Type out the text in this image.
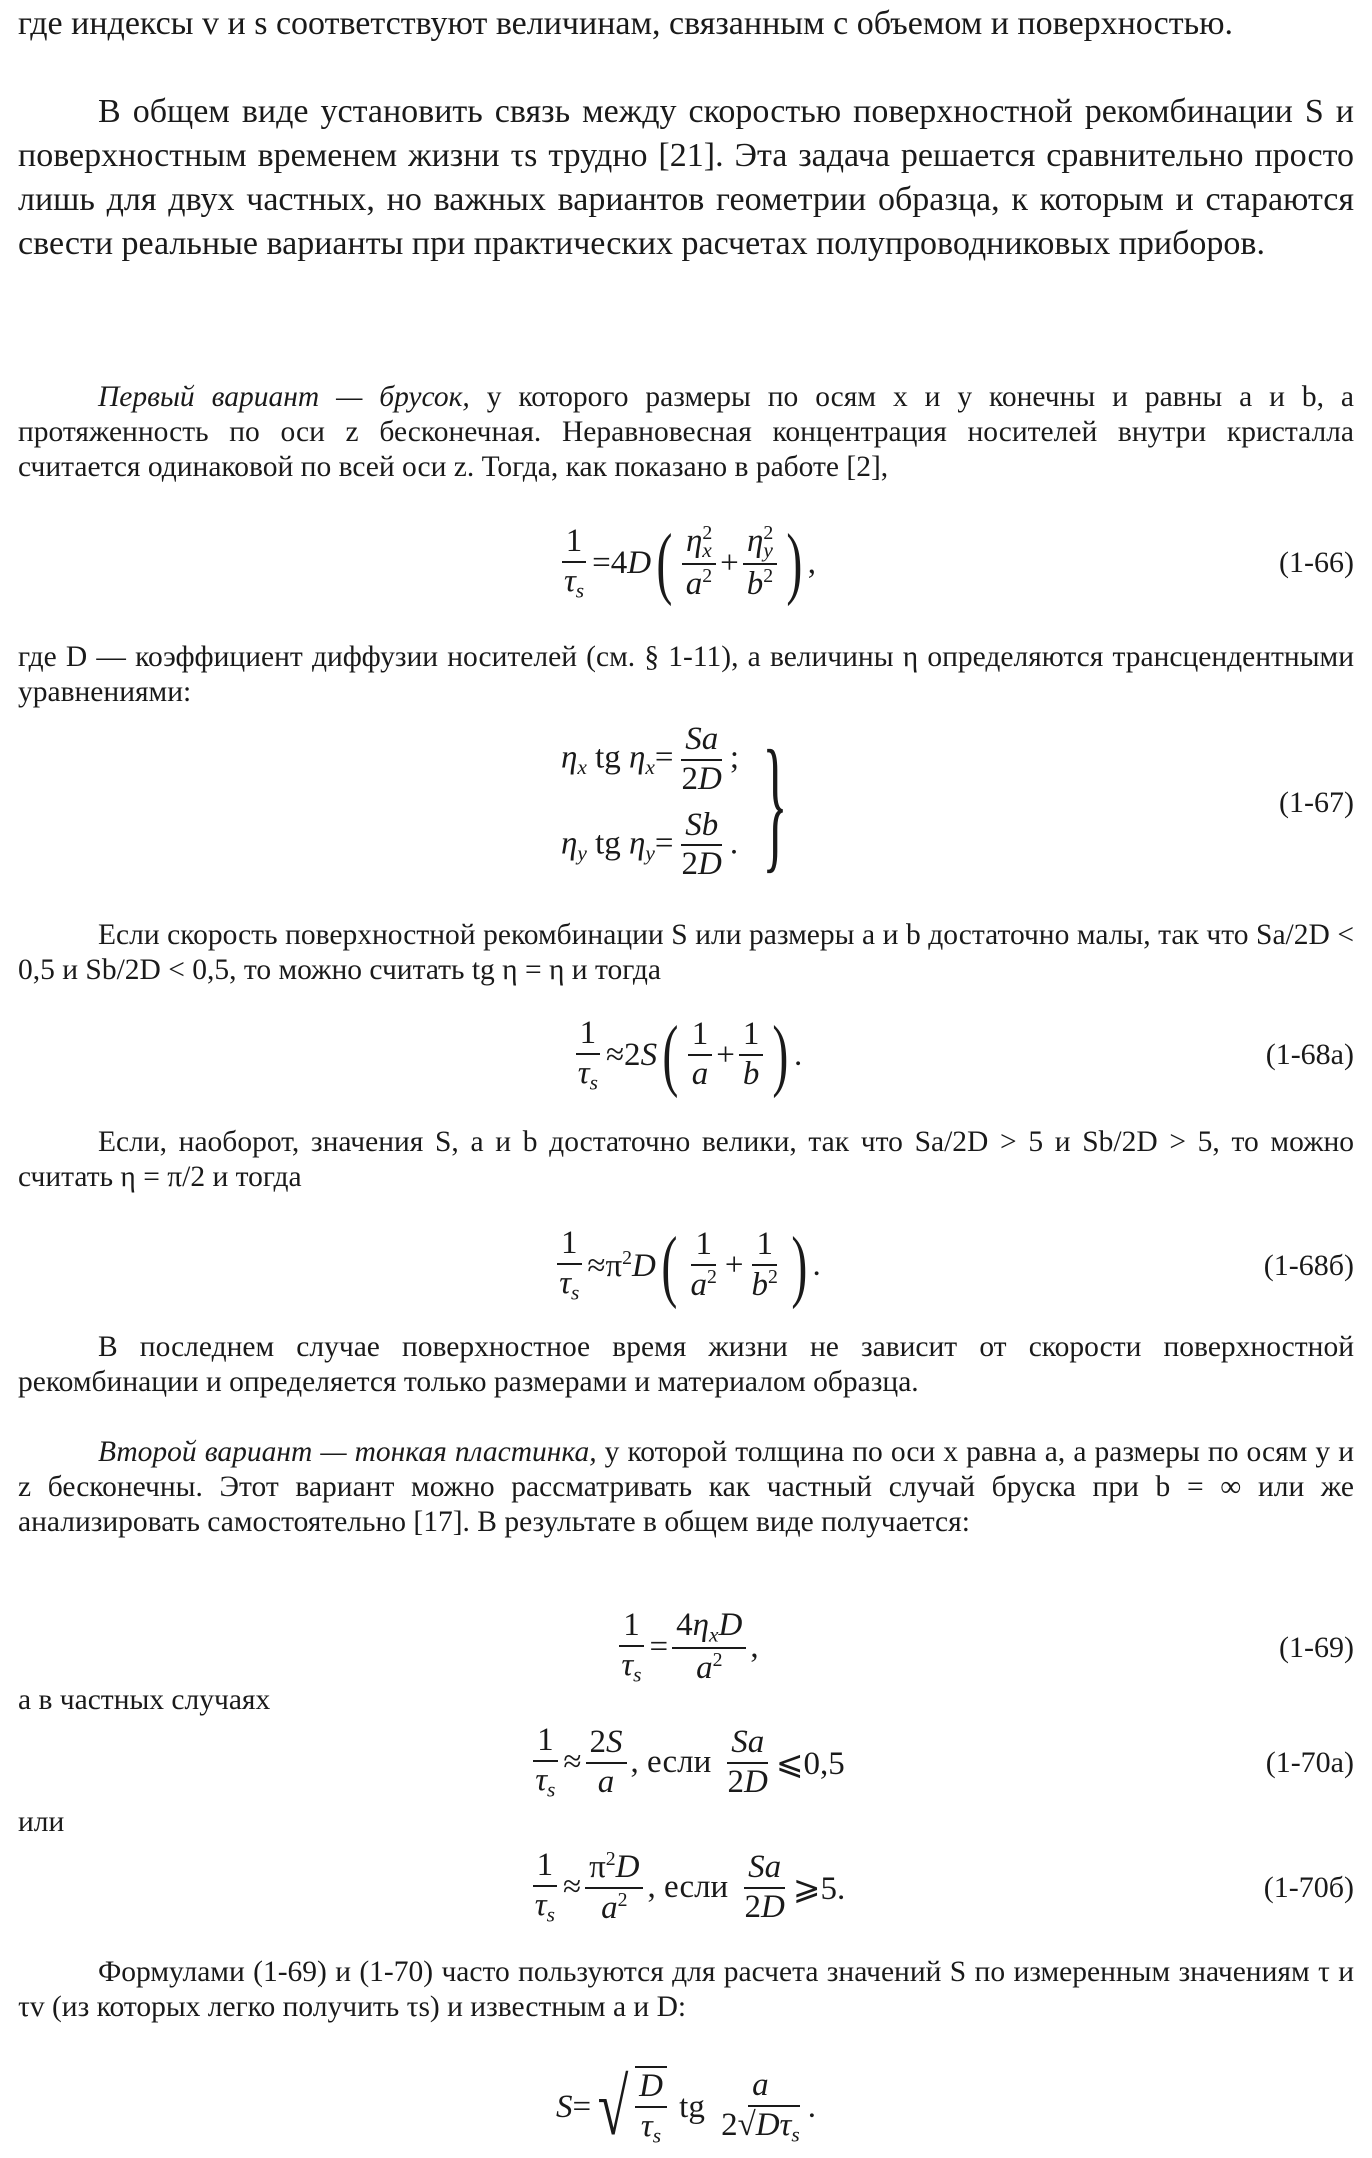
где индексы v и s соответствуют величинам, связанным с объемом и поверхностью.

В общем виде установить связь между скоростью поверхностной рекомбинации S и поверхностным временем жизни τs трудно [21]. Эта задача решается сравнительно просто лишь для двух частных, но важных вариантов геометрии образца, к которым и стараются свести реальные варианты при практических расчетах полупроводниковых приборов.

Первый вариант — брусок, у которого размеры по осям x и y конечны и равны a и b, а протяженность по оси z бесконечная. Неравновесная концентрация носителей внутри кристалла считается одинаковой по всей оси z. Тогда, как показано в работе [2],

$\frac{1}{\tau_s} =4D$ ( $\frac{\eta^2_x}{a^2} + \frac{\eta^2_y}{b^2}$ ) ,	(1-66)

где D — коэффициент диффузии носителей (см. § 1-11), а величины η определяются трансцендентными уравнениями:

$\eta_x$ tg $\eta_x= \frac{Sa}{2D}$ ;
$\eta_y$ tg $\eta_y= \frac{Sb}{2D}$ . }	(1-67)

Если скорость поверхностной рекомбинации S или размеры a и b достаточно малы, так что Sa/2D < 0,5 и Sb/2D < 0,5, то можно считать tg η = η и тогда

$\frac{1}{\tau_s} \approx 2S$ ( $\frac{1}{a} + \frac{1}{b}$ ) .	(1-68а)

Если, наоборот, значения S, a и b достаточно велики, так что Sa/2D > 5 и Sb/2D > 5, то можно считать η = π/2 и тогда

$\frac{1}{\tau_s} \approx\pi^2D$ ( $\frac{1}{a^2} + \frac{1}{b^2}$ ) .	(1-68б)

В последнем случае поверхностное время жизни не зависит от скорости поверхностной рекомбинации и определяется только размерами и материалом образца.

Второй вариант — тонкая пластинка, у которой толщина по оси x равна a, а размеры по осям y и z бесконечны. Этот вариант можно рассматривать как частный случай бруска при b = ∞ или же анализировать самостоятельно [17]. В результате в общем виде получается:

$\frac{1}{\tau_s} = \frac{4\eta_xD}{a^2}$ ,	(1-69)

а в частных случаях

$\frac{1}{\tau_s} \approx \frac{2S}{a}$ , если $\frac{Sa}{2D}$ ⩽0,5	(1-70а)

или

$\frac{1}{\tau_s} \approx \frac{\pi^2D}{a^2}$ , если $\frac{Sa}{2D}$ ⩾5.	(1-70б)

Формулами (1-69) и (1-70) часто пользуются для расчета значений S по измеренным значениям τ и τv (из которых легко получить τs) и известным a и D:

S= √ $\frac{D}{\tau_s}$ tg $\frac{a}{2√D\tau_s}$ .
